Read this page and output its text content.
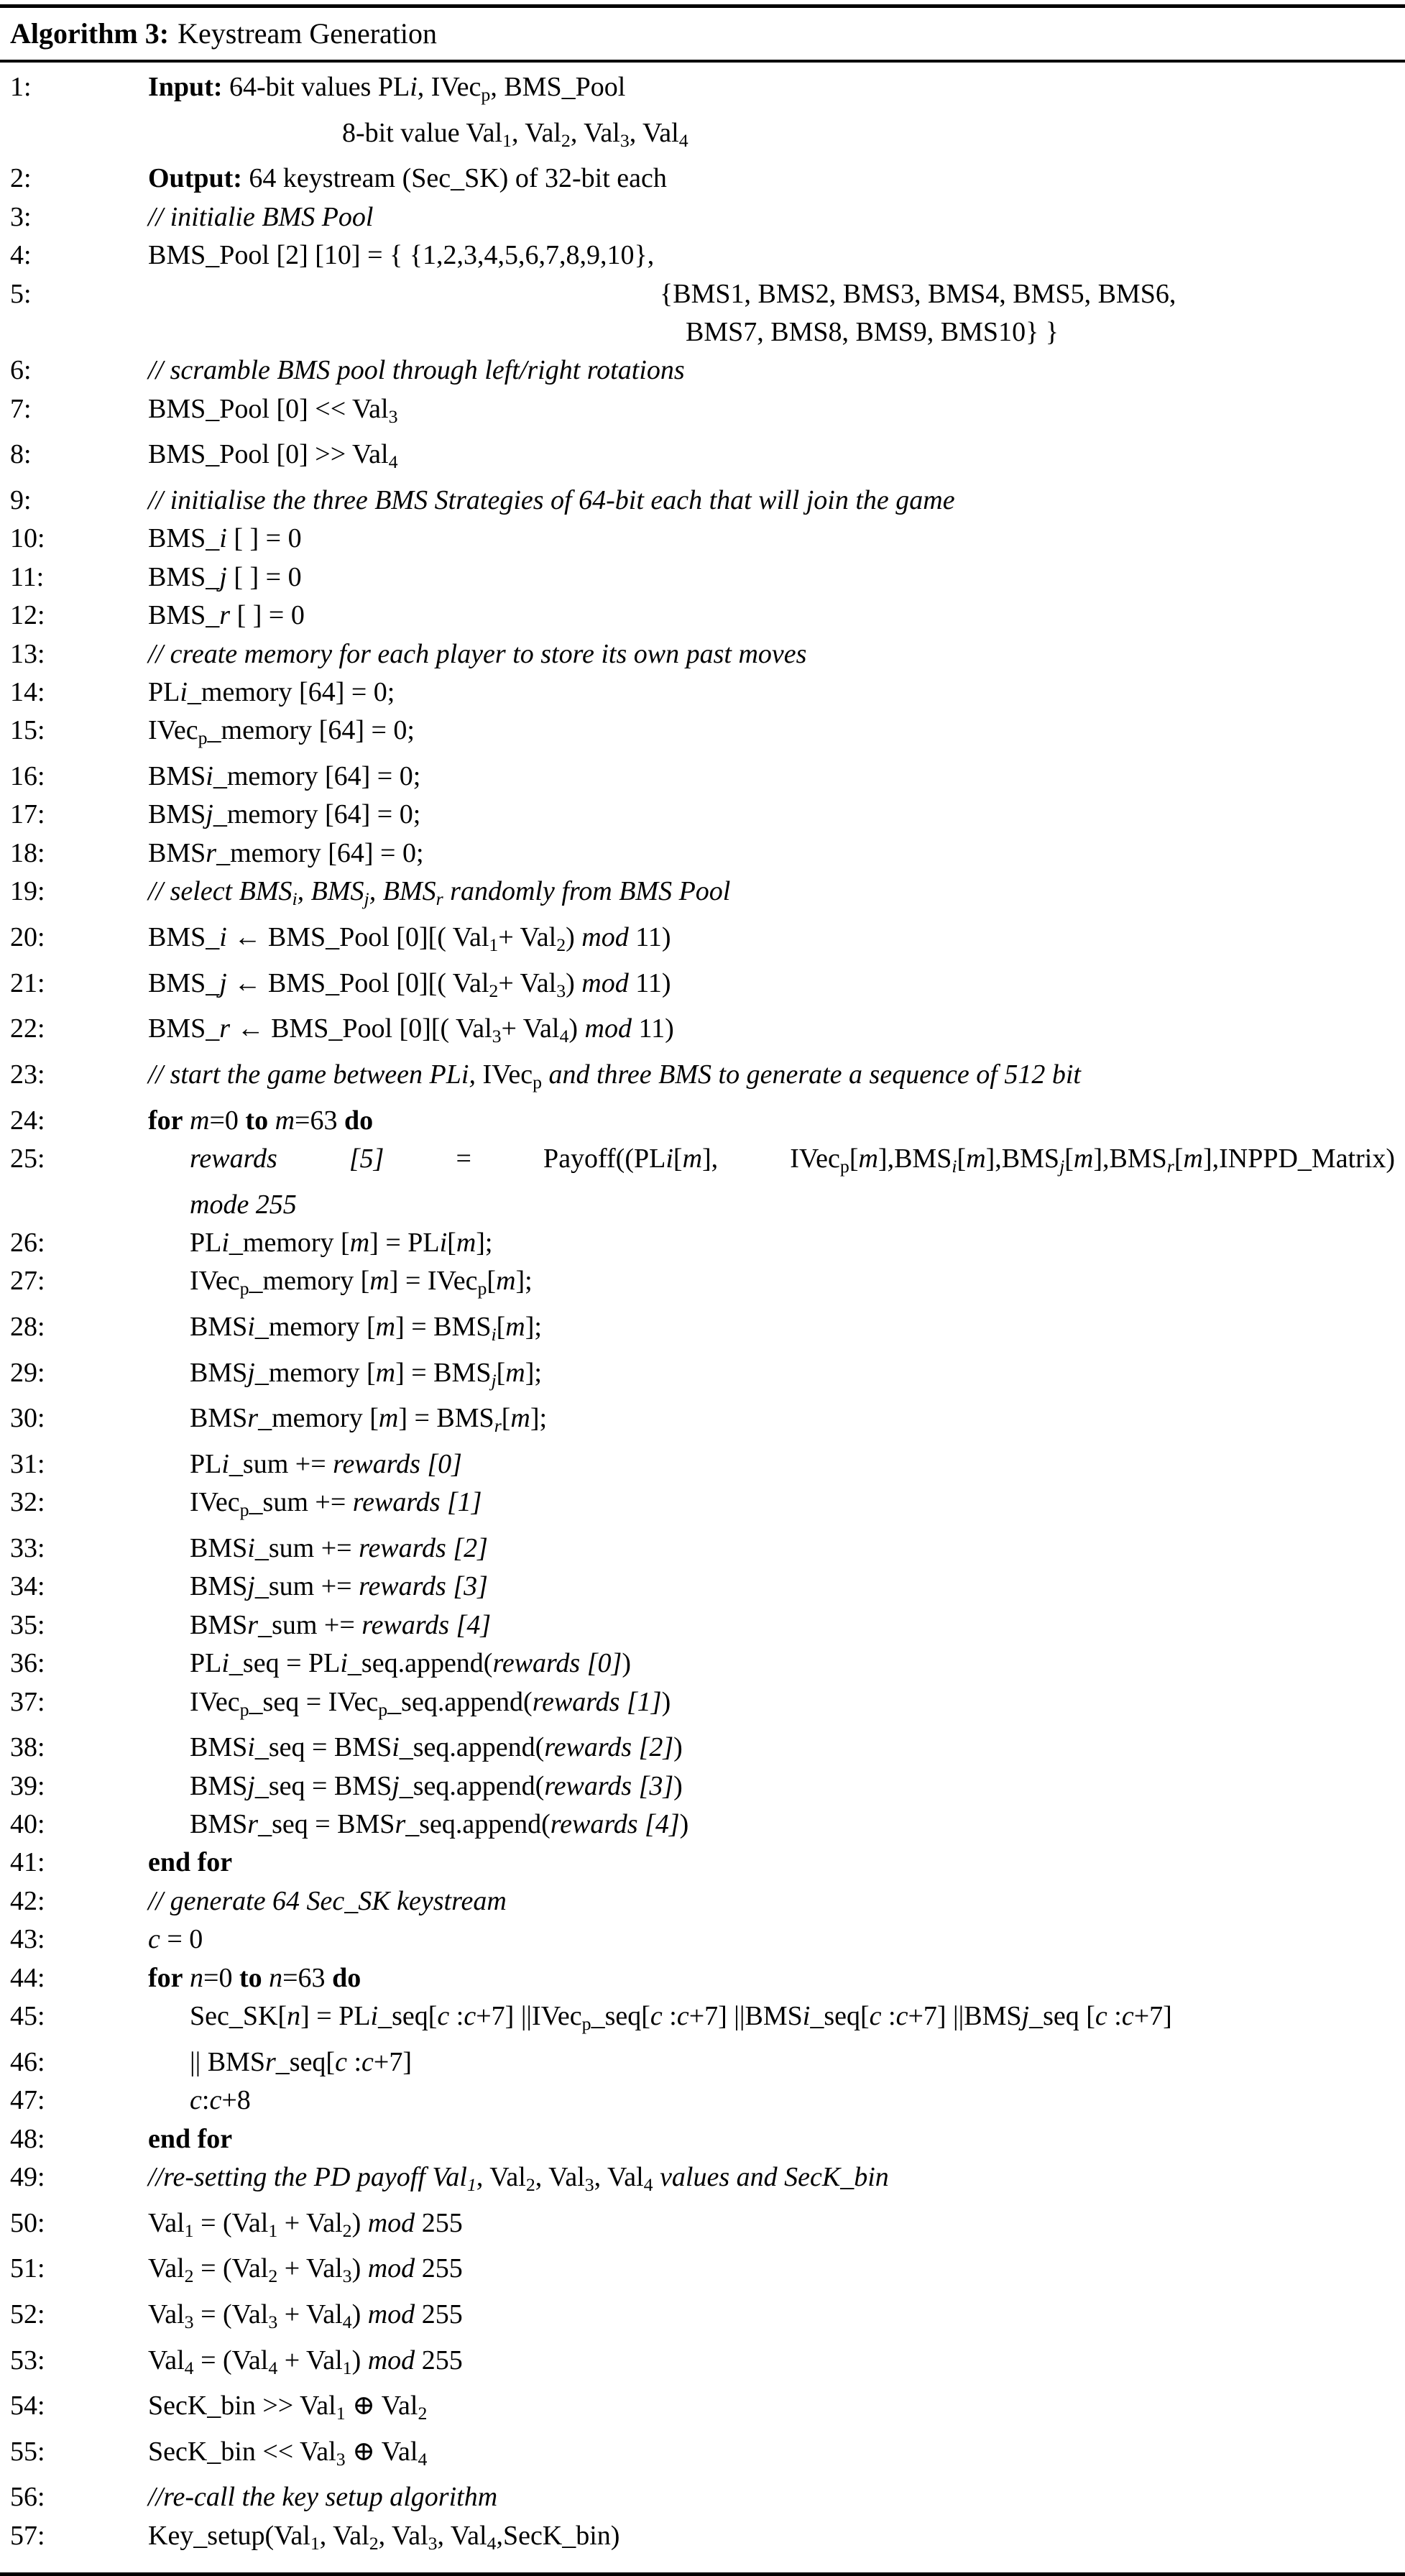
Algorithm 3: Keystream Generation
1:	Input: 64-bit values PLi, IVec$_p$, BMS_Pool
8-bit value Val$_1$, Val$_2$, Val$_3$, Val$_4$
2:	Output: 64 keystream (Sec_SK) of 32-bit each
3:	// initialie BMS Pool
4:	BMS_Pool [2] [10] = { {1,2,3,4,5,6,7,8,9,10},
5:	{BMS1, BMS2, BMS3, BMS4, BMS5, BMS6,
BMS7, BMS8, BMS9, BMS10} }
6:	// scramble BMS pool through left/right rotations
7:	BMS_Pool [0] << Val$_3$
8:	BMS_Pool [0] >> Val$_4$
9:	// initialise the three BMS Strategies of 64-bit each that will join the game
10:	BMS_i [ ] = 0
11:	BMS_j [ ] = 0
12:	BMS_r [ ] = 0
13:	// create memory for each player to store its own past moves
14:	PLi_memory [64] = 0;
15:	IVec$_p$_memory [64] = 0;
16:	BMSi_memory [64] = 0;
17:	BMSj_memory [64] = 0;
18:	BMSr_memory [64] = 0;
19:	// select BMSi, BMSj, BMSr randomly from BMS Pool
20:	BMS_i ← BMS_Pool [0][( Val$_1$+ Val$_2$) mod 11)
21:	BMS_j ← BMS_Pool [0][( Val$_2$+ Val$_3$) mod 11)
22:	BMS_r ← BMS_Pool [0][( Val$_3$+ Val$_4$) mod 11)
23:	// start the game between PLi, IVec$_p$ and three BMS to generate a sequence of 512 bit
24:	for m=0 to m=63 do
25:	rewards [5] = Payoff((PLi[m], IVec$_p$[m],BMSi[m],BMSj[m],BMSr[m],INPPD_Matrix)
mode 255
26:	PLi_memory [m] = PLi[m];
27:	IVec$_p$_memory [m] = IVec$_p$[m];
28:	BMSi_memory [m] = BMSi[m];
29:	BMSj_memory [m] = BMSj[m];
30:	BMSr_memory [m] = BMSr[m];
31:	PLi_sum += rewards [0]
32:	IVec$_p$_sum += rewards [1]
33:	BMSi_sum += rewards [2]
34:	BMSj_sum += rewards [3]
35:	BMSr_sum += rewards [4]
36:	PLi_seq = PLi_seq.append(rewards [0])
37:	IVec$_p$_seq = IVec$_p$_seq.append(rewards [1])
38:	BMSi_seq = BMSi_seq.append(rewards [2])
39:	BMSj_seq = BMSj_seq.append(rewards [3])
40:	BMSr_seq = BMSr_seq.append(rewards [4])
41:	end for
42:	// generate 64 Sec_SK keystream
43:	c = 0
44:	for n=0 to n=63 do
45:	Sec_SK[n] = PLi_seq[c :c+7] ||IVec$_p$_seq[c :c+7] ||BMSi_seq[c :c+7] ||BMSj_seq [c :c+7]
46:	|| BMSr_seq[c :c+7]
47:	c:c+8
48:	end for
49:	//re-setting the PD payoff Val1, Val$_2$, Val$_3$, Val$_4$ values and SecK_bin
50:	Val$_1$ = (Val$_1$ + Val$_2$) mod 255
51:	Val$_2$ = (Val$_2$ + Val$_3$) mod 255
52:	Val$_3$ = (Val$_3$ + Val$_4$) mod 255
53:	Val$_4$ = (Val$_4$ + Val$_1$) mod 255
54:	SecK_bin >> Val$_1$ ⊕ Val$_2$
55:	SecK_bin << Val$_3$ ⊕ Val$_4$
56:	//re-call the key setup algorithm
57:	Key_setup(Val$_1$, Val$_2$, Val$_3$, Val$_4$,SecK_bin)
